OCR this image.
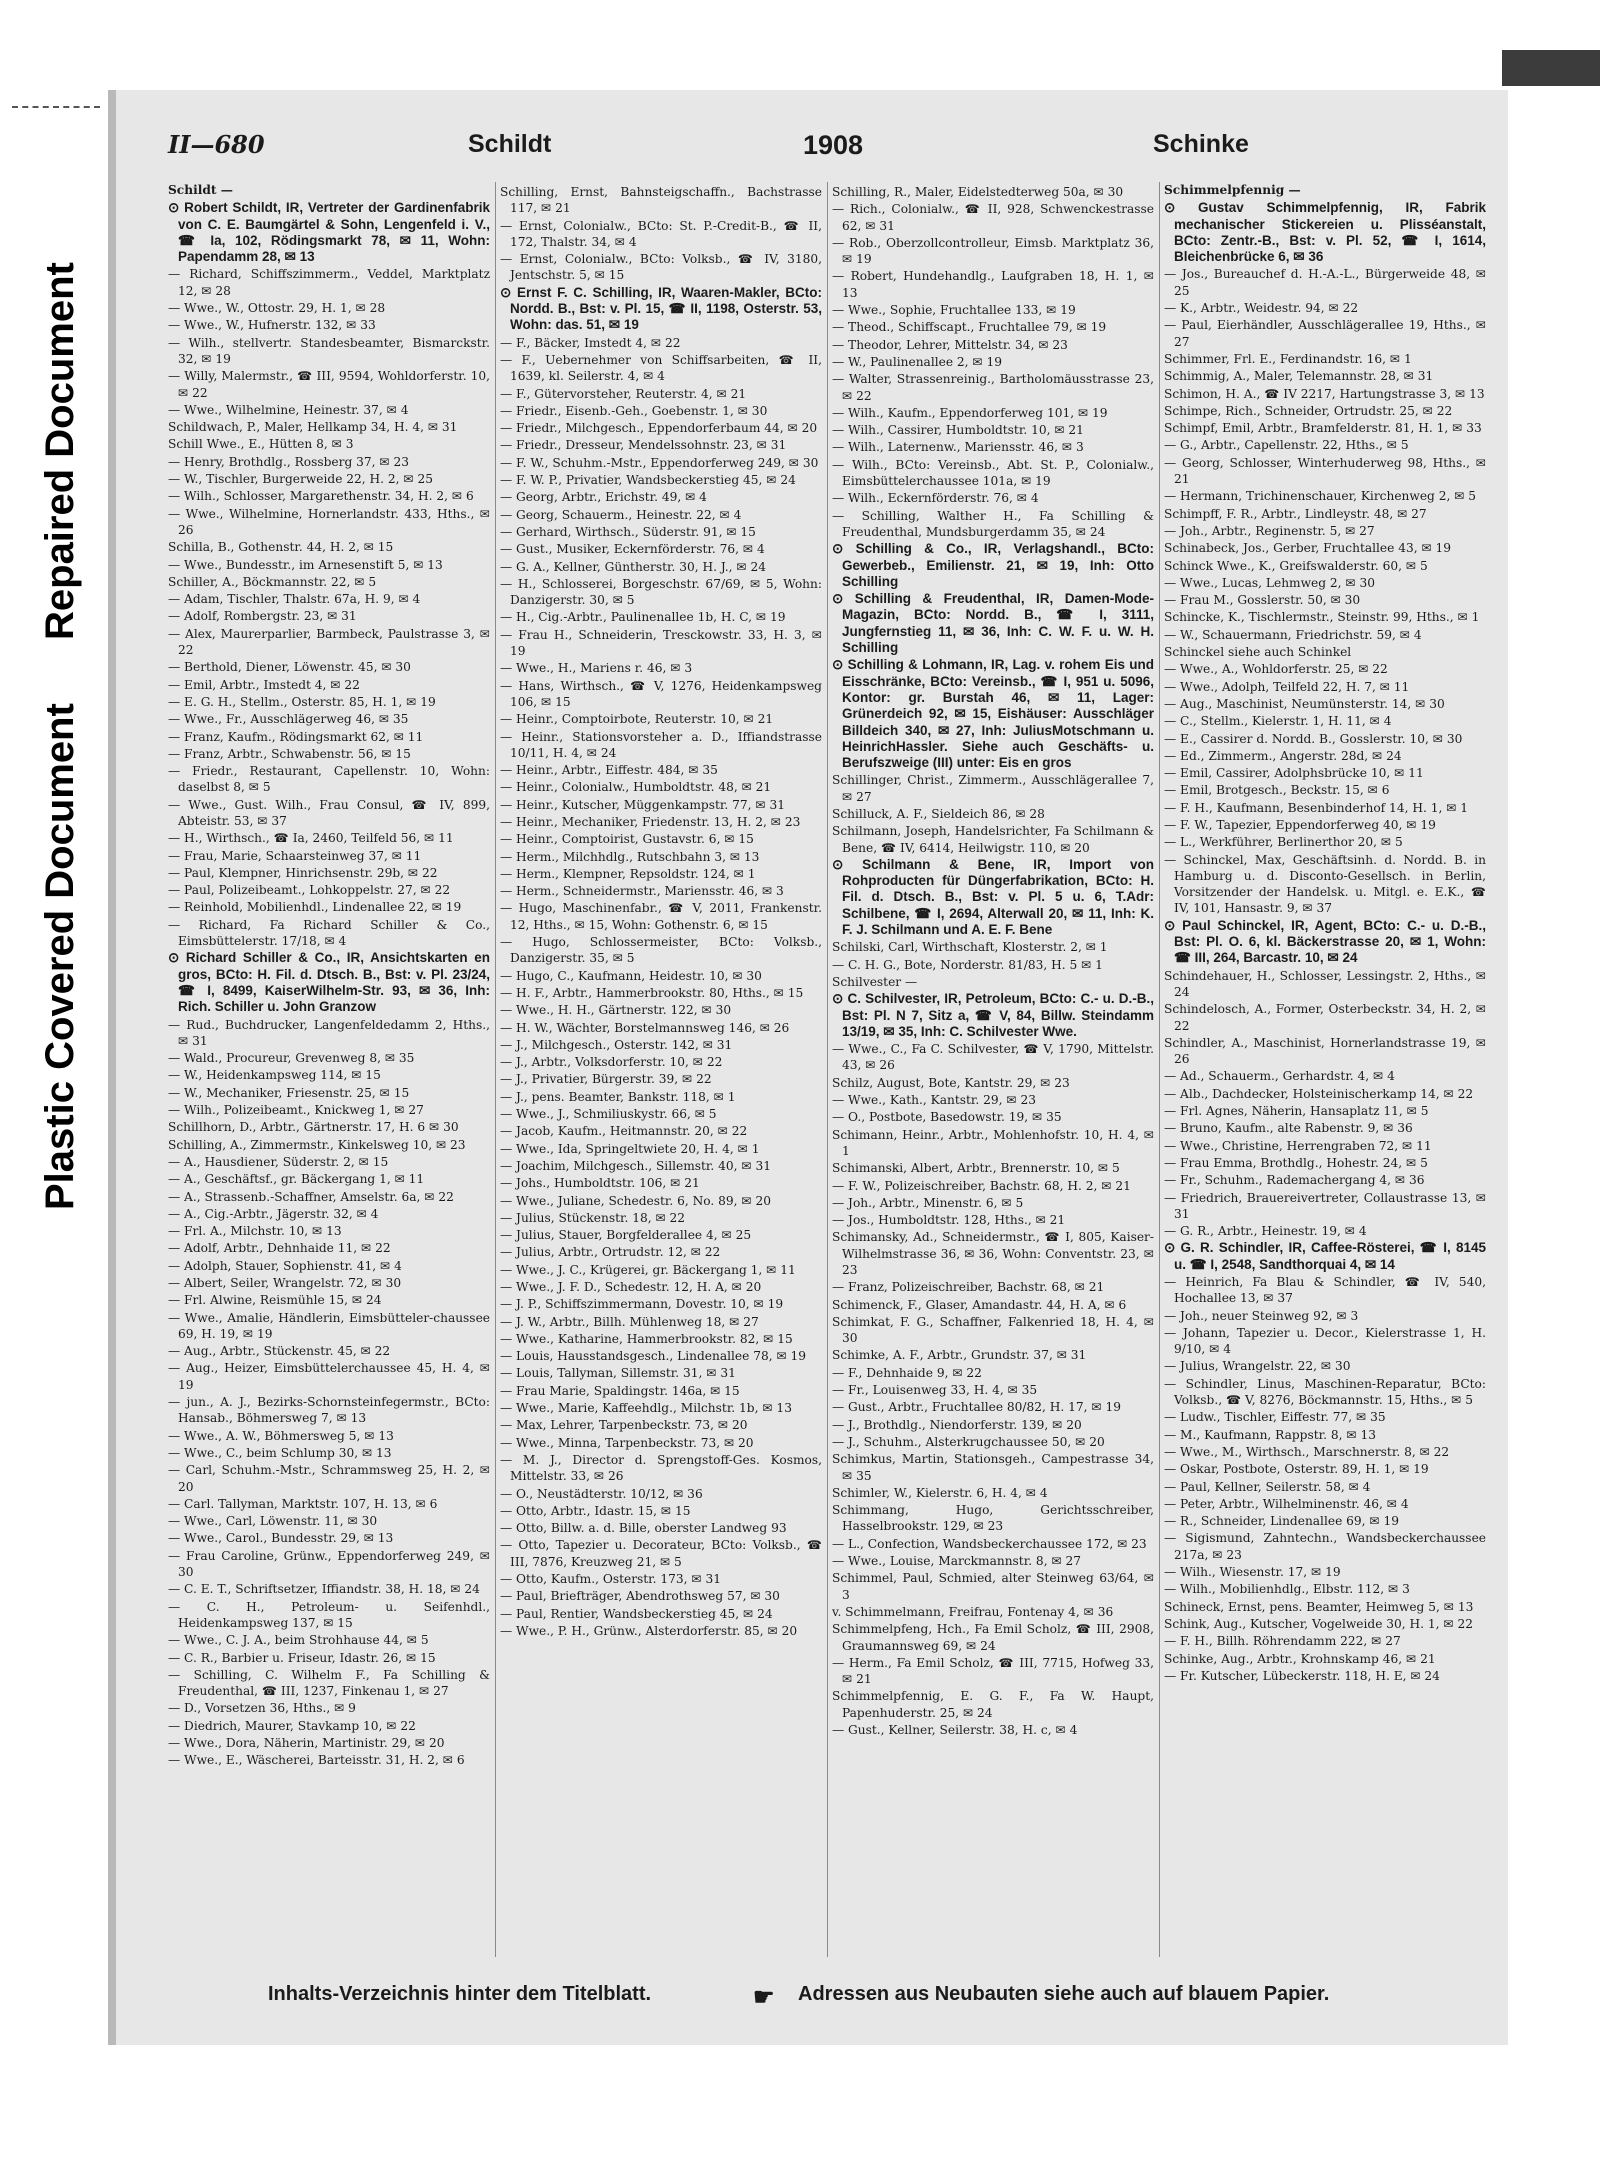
Repaired Document
Plastic Covered Document
II—680	Schildt	1908	Schinke
Schildt —

⊙ Robert Schildt, IR, Vertreter der Gardinenfabrik von C. E. Baumgärtel & Sohn, Lengenfeld i. V., ☎ Ia, 102, Rödingsmarkt 78, ✉ 11, Wohn: Papendamm 28, ✉ 13

— Richard, Schiffszimmerm., Veddel, Marktplatz 12, ✉ 28

— Wwe., W., Ottostr. 29, H. 1, ✉ 28

— Wwe., W., Hufnerstr. 132, ✉ 33

— Wilh., stellvertr. Standesbeamter, Bismarckstr. 32, ✉ 19

— Willy, Malermstr., ☎ III, 9594, Wohldorferstr. 10, ✉ 22

— Wwe., Wilhelmine, Heinestr. 37, ✉ 4

Schildwach, P., Maler, Hellkamp 34, H. 4, ✉ 31

Schill Wwe., E., Hütten 8, ✉ 3

— Henry, Brothdlg., Rossberg 37, ✉ 23

— W., Tischler, Burgerweide 22, H. 2, ✉ 25

— Wilh., Schlosser, Margarethenstr. 34, H. 2, ✉ 6

— Wwe., Wilhelmine, Hornerlandstr. 433, Hths., ✉ 26

Schilla, B., Gothenstr. 44, H. 2, ✉ 15

— Wwe., Bundesstr., im Arnesenstift 5, ✉ 13

Schiller, A., Böckmannstr. 22, ✉ 5

— Adam, Tischler, Thalstr. 67a, H. 9, ✉ 4

— Adolf, Rombergstr. 23, ✉ 31

— Alex, Maurerparlier, Barmbeck, Paulstrasse 3, ✉ 22

— Berthold, Diener, Löwenstr. 45, ✉ 30

— Emil, Arbtr., Imstedt 4, ✉ 22

— E. G. H., Stellm., Osterstr. 85, H. 1, ✉ 19

— Wwe., Fr., Ausschlägerweg 46, ✉ 35

— Franz, Kaufm., Rödingsmarkt 62, ✉ 11

— Franz, Arbtr., Schwabenstr. 56, ✉ 15

— Friedr., Restaurant, Capellenstr. 10, Wohn: daselbst 8, ✉ 5

— Wwe., Gust. Wilh., Frau Consul, ☎ IV, 899, Abteistr. 53, ✉ 37

— H., Wirthsch., ☎ Ia, 2460, Teilfeld 56, ✉ 11

— Frau, Marie, Schaarsteinweg 37, ✉ 11

— Paul, Klempner, Hinrichsenstr. 29b, ✉ 22

— Paul, Polizeibeamt., Lohkoppelstr. 27, ✉ 22

— Reinhold, Mobilienhdl., Lindenallee 22, ✉ 19

— Richard, Fa Richard Schiller & Co., Eimsbüttelerstr. 17/18, ✉ 4

⊙ Richard Schiller & Co., IR, Ansichtskarten en gros, BCto: H. Fil. d. Dtsch. B., Bst: v. Pl. 23/24, ☎ I, 8499, KaiserWilhelm-Str. 93, ✉ 36, Inh: Rich. Schiller u. John Granzow

— Rud., Buchdrucker, Langenfeldedamm 2, Hths., ✉ 31

— Wald., Procureur, Grevenweg 8, ✉ 35

— W., Heidenkampsweg 114, ✉ 15

— W., Mechaniker, Friesenstr. 25, ✉ 15

— Wilh., Polizeibeamt., Knickweg 1, ✉ 27

Schillhorn, D., Arbtr., Gärtnerstr. 17, H. 6 ✉ 30

Schilling, A., Zimmermstr., Kinkelsweg 10, ✉ 23

— A., Hausdiener, Süderstr. 2, ✉ 15

— A., Geschäftsf., gr. Bäckergang 1, ✉ 11

— A., Strassenb.-Schaffner, Amselstr. 6a, ✉ 22

— A., Cig.-Arbtr., Jägerstr. 32, ✉ 4

— Frl. A., Milchstr. 10, ✉ 13

— Adolf, Arbtr., Dehnhaide 11, ✉ 22

— Adolph, Stauer, Sophienstr. 41, ✉ 4

— Albert, Seiler, Wrangelstr. 72, ✉ 30

— Frl. Alwine, Reismühle 15, ✉ 24

— Wwe., Amalie, Händlerin, Eimsbütteler-chaussee 69, H. 19, ✉ 19

— Aug., Arbtr., Stückenstr. 45, ✉ 22

— Aug., Heizer, Eimsbüttelerchaussee 45, H. 4, ✉ 19

— jun., A. J., Bezirks-Schornsteinfegermstr., BCto: Hansab., Böhmersweg 7, ✉ 13

— Wwe., A. W., Böhmersweg 5, ✉ 13

— Wwe., C., beim Schlump 30, ✉ 13

— Carl, Schuhm.-Mstr., Schrammsweg 25, H. 2, ✉ 20

— Carl. Tallyman, Marktstr. 107, H. 13, ✉ 6

— Wwe., Carl, Löwenstr. 11, ✉ 30

— Wwe., Carol., Bundesstr. 29, ✉ 13

— Frau Caroline, Grünw., Eppendorferweg 249, ✉ 30

— C. E. T., Schriftsetzer, Iffiandstr. 38, H. 18, ✉ 24

— C. H., Petroleum- u. Seifenhdl., Heidenkampsweg 137, ✉ 15

— Wwe., C. J. A., beim Strohhause 44, ✉ 5

— C. R., Barbier u. Friseur, Idastr. 26, ✉ 15

— Schilling, C. Wilhelm F., Fa Schilling & Freudenthal, ☎ III, 1237, Finkenau 1, ✉ 27

— D., Vorsetzen 36, Hths., ✉ 9

— Diedrich, Maurer, Stavkamp 10, ✉ 22

— Wwe., Dora, Näherin, Martinistr. 29, ✉ 20

— Wwe., E., Wäscherei, Barteisstr. 31, H. 2, ✉ 6

Schilling, Ernst, Bahnsteigschaffn., Bachstrasse 117, ✉ 21

— Ernst, Colonialw., BCto: St. P.-Credit-B., ☎ II, 172, Thalstr. 34, ✉ 4

— Ernst, Colonialw., BCto: Volksb., ☎ IV, 3180, Jentschstr. 5, ✉ 15

⊙ Ernst F. C. Schilling, IR, Waaren-Makler, BCto: Nordd. B., Bst: v. Pl. 15, ☎ II, 1198, Osterstr. 53, Wohn: das. 51, ✉ 19

— F., Bäcker, Imstedt 4, ✉ 22

— F., Uebernehmer von Schiffsarbeiten, ☎ II, 1639, kl. Seilerstr. 4, ✉ 4

— F., Gütervorsteher, Reuterstr. 4, ✉ 21

— Friedr., Eisenb.-Geh., Goebenstr. 1, ✉ 30

— Friedr., Milchgesch., Eppendorferbaum 44, ✉ 20

— Friedr., Dresseur, Mendelssohnstr. 23, ✉ 31

— F. W., Schuhm.-Mstr., Eppendorferweg 249, ✉ 30

— F. W. P., Privatier, Wandsbeckerstieg 45, ✉ 24

— Georg, Arbtr., Erichstr. 49, ✉ 4

— Georg, Schauerm., Heinestr. 22, ✉ 4

— Gerhard, Wirthsch., Süderstr. 91, ✉ 15

— Gust., Musiker, Eckernförderstr. 76, ✉ 4

— G. A., Kellner, Güntherstr. 30, H. J., ✉ 24

— H., Schlosserei, Borgeschstr. 67/69, ✉ 5, Wohn: Danzigerstr. 30, ✉ 5

— H., Cig.-Arbtr., Paulinenallee 1b, H. C, ✉ 19

— Frau H., Schneiderin, Tresckowstr. 33, H. 3, ✉ 19

— Wwe., H., Mariens r. 46, ✉ 3

— Hans, Wirthsch., ☎ V, 1276, Heidenkampsweg 106, ✉ 15

— Heinr., Comptoirbote, Reuterstr. 10, ✉ 21

— Heinr., Stationsvorsteher a. D., Iffiandstrasse 10/11, H. 4, ✉ 24

— Heinr., Arbtr., Eiffestr. 484, ✉ 35

— Heinr., Colonialw., Humboldtstr. 48, ✉ 21

— Heinr., Kutscher, Müggenkampstr. 77, ✉ 31

— Heinr., Mechaniker, Friedenstr. 13, H. 2, ✉ 23

— Heinr., Comptoirist, Gustavstr. 6, ✉ 15

— Herm., Milchhdlg., Rutschbahn 3, ✉ 13

— Herm., Klempner, Repsoldstr. 124, ✉ 1

— Herm., Schneidermstr., Mariensstr. 46, ✉ 3

— Hugo, Maschinenfabr., ☎ V, 2011, Frankenstr. 12, Hths., ✉ 15, Wohn: Gothenstr. 6, ✉ 15

— Hugo, Schlossermeister, BCto: Volksb., Danzigerstr. 35, ✉ 5

— Hugo, C., Kaufmann, Heidestr. 10, ✉ 30

— H. F., Arbtr., Hammerbrookstr. 80, Hths., ✉ 15

— Wwe., H. H., Gärtnerstr. 122, ✉ 30

— H. W., Wächter, Borstelmannsweg 146, ✉ 26

— J., Milchgesch., Osterstr. 142, ✉ 31

— J., Arbtr., Volksdorferstr. 10, ✉ 22

— J., Privatier, Bürgerstr. 39, ✉ 22

— J., pens. Beamter, Bankstr. 118, ✉ 1

— Wwe., J., Schmiliuskystr. 66, ✉ 5

— Jacob, Kaufm., Heitmannstr. 20, ✉ 22

— Wwe., Ida, Springeltwiete 20, H. 4, ✉ 1

— Joachim, Milchgesch., Sillemstr. 40, ✉ 31

— Johs., Humboldtstr. 106, ✉ 21

— Wwe., Juliane, Schedestr. 6, No. 89, ✉ 20

— Julius, Stückenstr. 18, ✉ 22

— Julius, Stauer, Borgfelderallee 4, ✉ 25

— Julius, Arbtr., Ortrudstr. 12, ✉ 22

— Wwe., J. C., Krügerei, gr. Bäckergang 1, ✉ 11

— Wwe., J. F. D., Schedestr. 12, H. A, ✉ 20

— J. P., Schiffszimmermann, Dovestr. 10, ✉ 19

— J. W., Arbtr., Billh. Mühlenweg 18, ✉ 27

— Wwe., Katharine, Hammerbrookstr. 82, ✉ 15

— Louis, Hausstandsgesch., Lindenallee 78, ✉ 19

— Louis, Tallyman, Sillemstr. 31, ✉ 31

— Frau Marie, Spaldingstr. 146a, ✉ 15

— Wwe., Marie, Kaffeehdlg., Milchstr. 1b, ✉ 13

— Max, Lehrer, Tarpenbeckstr. 73, ✉ 20

— Wwe., Minna, Tarpenbeckstr. 73, ✉ 20

— M. J., Director d. Sprengstoff-Ges. Kosmos, Mittelstr. 33, ✉ 26

— O., Neustädterstr. 10/12, ✉ 36

— Otto, Arbtr., Idastr. 15, ✉ 15

— Otto, Billw. a. d. Bille, oberster Landweg 93

— Otto, Tapezier u. Decorateur, BCto: Volksb., ☎ III, 7876, Kreuzweg 21, ✉ 5

— Otto, Kaufm., Osterstr. 173, ✉ 31

— Paul, Briefträger, Abendrothsweg 57, ✉ 30

— Paul, Rentier, Wandsbeckerstieg 45, ✉ 24

— Wwe., P. H., Grünw., Alsterdorferstr. 85, ✉ 20

Schilling, R., Maler, Eidelstedterweg 50a, ✉ 30

— Rich., Colonialw., ☎ II, 928, Schwenckestrasse 62, ✉ 31

— Rob., Oberzollcontrolleur, Eimsb. Marktplatz 36, ✉ 19

— Robert, Hundehandlg., Laufgraben 18, H. 1, ✉ 13

— Wwe., Sophie, Fruchtallee 133, ✉ 19

— Theod., Schiffscapt., Fruchtallee 79, ✉ 19

— Theodor, Lehrer, Mittelstr. 34, ✉ 23

— W., Paulinenallee 2, ✉ 19

— Walter, Strassenreinig., Bartholomäusstrasse 23, ✉ 22

— Wilh., Kaufm., Eppendorferweg 101, ✉ 19

— Wilh., Cassirer, Humboldtstr. 10, ✉ 21

— Wilh., Laternenw., Mariensstr. 46, ✉ 3

— Wilh., BCto: Vereinsb., Abt. St. P., Colonialw., Eimsbüttelerchaussee 101a, ✉ 19

— Wilh., Eckernförderstr. 76, ✉ 4

— Schilling, Walther H., Fa Schilling & Freudenthal, Mundsburgerdamm 35, ✉ 24

⊙ Schilling & Co., IR, Verlagshandl., BCto: Gewerbeb., Emilienstr. 21, ✉ 19, Inh: Otto Schilling

⊙ Schilling & Freudenthal, IR, Damen-Mode-Magazin, BCto: Nordd. B., ☎ I, 3111, Jungfernstieg 11, ✉ 36, Inh: C. W. F. u. W. H. Schilling

⊙ Schilling & Lohmann, IR, Lag. v. rohem Eis und Eisschränke, BCto: Vereinsb., ☎ I, 951 u. 5096, Kontor: gr. Burstah 46, ✉ 11, Lager: Grünerdeich 92, ✉ 15, Eishäuser: Ausschläger Billdeich 340, ✉ 27, Inh: JuliusMotschmann u. HeinrichHassler. Siehe auch Geschäfts- u. Berufszweige (III) unter: Eis en gros

Schillinger, Christ., Zimmerm., Ausschlägerallee 7, ✉ 27

Schilluck, A. F., Sieldeich 86, ✉ 28

Schilmann, Joseph, Handelsrichter, Fa Schilmann & Bene, ☎ IV, 6414, Heilwigstr. 110, ✉ 20

⊙ Schilmann & Bene, IR, Import von Rohproducten für Düngerfabrikation, BCto: H. Fil. d. Dtsch. B., Bst: v. Pl. 5 u. 6, T.Adr: Schilbene, ☎ I, 2694, Alterwall 20, ✉ 11, Inh: K. F. J. Schilmann und A. E. F. Bene

Schilski, Carl, Wirthschaft, Klosterstr. 2, ✉ 1

— C. H. G., Bote, Norderstr. 81/83, H. 5 ✉ 1

Schilvester —

⊙ C. Schilvester, IR, Petroleum, BCto: C.- u. D.-B., Bst: Pl. N 7, Sitz a, ☎ V, 84, Billw. Steindamm 13/19, ✉ 35, Inh: C. Schilvester Wwe.

— Wwe., C., Fa C. Schilvester, ☎ V, 1790, Mittelstr. 43, ✉ 26

Schilz, August, Bote, Kantstr. 29, ✉ 23

— Wwe., Kath., Kantstr. 29, ✉ 23

— O., Postbote, Basedowstr. 19, ✉ 35

Schimann, Heinr., Arbtr., Mohlenhofstr. 10, H. 4, ✉ 1

Schimanski, Albert, Arbtr., Brennerstr. 10, ✉ 5

— F. W., Polizeischreiber, Bachstr. 68, H. 2, ✉ 21

— Joh., Arbtr., Minenstr. 6, ✉ 5

— Jos., Humboldtstr. 128, Hths., ✉ 21

Schimansky, Ad., Schneidermstr., ☎ I, 805, Kaiser-Wilhelmstrasse 36, ✉ 36, Wohn: Conventstr. 23, ✉ 23

— Franz, Polizeischreiber, Bachstr. 68, ✉ 21

Schimenck, F., Glaser, Amandastr. 44, H. A, ✉ 6

Schimkat, F. G., Schaffner, Falkenried 18, H. 4, ✉ 30

Schimke, A. F., Arbtr., Grundstr. 37, ✉ 31

— F., Dehnhaide 9, ✉ 22

— Fr., Louisenweg 33, H. 4, ✉ 35

— Gust., Arbtr., Fruchtallee 80/82, H. 17, ✉ 19

— J., Brothdlg., Niendorferstr. 139, ✉ 20

— J., Schuhm., Alsterkrugchaussee 50, ✉ 20

Schimkus, Martin, Stationsgeh., Campestrasse 34, ✉ 35

Schimler, W., Kielerstr. 6, H. 4, ✉ 4

Schimmang, Hugo, Gerichtsschreiber, Hasselbrookstr. 129, ✉ 23

— L., Confection, Wandsbeckerchaussee 172, ✉ 23

— Wwe., Louise, Marckmannstr. 8, ✉ 27

Schimmel, Paul, Schmied, alter Steinweg 63/64, ✉ 3

v. Schimmelmann, Freifrau, Fontenay 4, ✉ 36

Schimmelpfeng, Hch., Fa Emil Scholz, ☎ III, 2908, Graumannsweg 69, ✉ 24

— Herm., Fa Emil Scholz, ☎ III, 7715, Hofweg 33, ✉ 21

Schimmelpfennig, E. G. F., Fa W. Haupt, Papenhuderstr. 25, ✉ 24

— Gust., Kellner, Seilerstr. 38, H. c, ✉ 4

Schimmelpfennig —

⊙ Gustav Schimmelpfennig, IR, Fabrik mechanischer Stickereien u. Plisséanstalt, BCto: Zentr.-B., Bst: v. Pl. 52, ☎ I, 1614, Bleichenbrücke 6, ✉ 36

— Jos., Bureauchef d. H.-A.-L., Bürgerweide 48, ✉ 25

— K., Arbtr., Weidestr. 94, ✉ 22

— Paul, Eierhändler, Ausschlägerallee 19, Hths., ✉ 27

Schimmer, Frl. E., Ferdinandstr. 16, ✉ 1

Schimmig, A., Maler, Telemannstr. 28, ✉ 31

Schimon, H. A., ☎ IV 2217, Hartungstrasse 3, ✉ 13

Schimpe, Rich., Schneider, Ortrudstr. 25, ✉ 22

Schimpf, Emil, Arbtr., Bramfelderstr. 81, H. 1, ✉ 33

— G., Arbtr., Capellenstr. 22, Hths., ✉ 5

— Georg, Schlosser, Winterhuderweg 98, Hths., ✉ 21

— Hermann, Trichinenschauer, Kirchenweg 2, ✉ 5

Schimpff, F. R., Arbtr., Lindleystr. 48, ✉ 27

— Joh., Arbtr., Reginenstr. 5, ✉ 27

Schinabeck, Jos., Gerber, Fruchtallee 43, ✉ 19

Schinck Wwe., K., Greifswalderstr. 60, ✉ 5

— Wwe., Lucas, Lehmweg 2, ✉ 30

— Frau M., Gosslerstr. 50, ✉ 30

Schincke, K., Tischlermstr., Steinstr. 99, Hths., ✉ 1

— W., Schauermann, Friedrichstr. 59, ✉ 4

Schinckel siehe auch Schinkel

— Wwe., A., Wohldorferstr. 25, ✉ 22

— Wwe., Adolph, Teilfeld 22, H. 7, ✉ 11

— Aug., Maschinist, Neumünsterstr. 14, ✉ 30

— C., Stellm., Kielerstr. 1, H. 11, ✉ 4

— E., Cassirer d. Nordd. B., Gosslerstr. 10, ✉ 30

— Ed., Zimmerm., Angerstr. 28d, ✉ 24

— Emil, Cassirer, Adolphsbrücke 10, ✉ 11

— Emil, Brotgesch., Beckstr. 15, ✉ 6

— F. H., Kaufmann, Besenbinderhof 14, H. 1, ✉ 1

— F. W., Tapezier, Eppendorferweg 40, ✉ 19

— L., Werkführer, Berlinerthor 20, ✉ 5

— Schinckel, Max, Geschäftsinh. d. Nordd. B. in Hamburg u. d. Disconto-Gesellsch. in Berlin, Vorsitzender der Handelsk. u. Mitgl. e. E.K., ☎ IV, 101, Hansastr. 9, ✉ 37

⊙ Paul Schinckel, IR, Agent, BCto: C.- u. D.-B., Bst: Pl. O. 6, kl. Bäckerstrasse 20, ✉ 1, Wohn: ☎ III, 264, Barcastr. 10, ✉ 24

Schindehauer, H., Schlosser, Lessingstr. 2, Hths., ✉ 24

Schindelosch, A., Former, Osterbeckstr. 34, H. 2, ✉ 22

Schindler, A., Maschinist, Hornerlandstrasse 19, ✉ 26

— Ad., Schauerm., Gerhardstr. 4, ✉ 4

— Alb., Dachdecker, Holsteinischerkamp 14, ✉ 22

— Frl. Agnes, Näherin, Hansaplatz 11, ✉ 5

— Bruno, Kaufm., alte Rabenstr. 9, ✉ 36

— Wwe., Christine, Herrengraben 72, ✉ 11

— Frau Emma, Brothdlg., Hohestr. 24, ✉ 5

— Fr., Schuhm., Rademachergang 4, ✉ 36

— Friedrich, Brauereivertreter, Collaustrasse 13, ✉ 31

— G. R., Arbtr., Heinestr. 19, ✉ 4

⊙ G. R. Schindler, IR, Caffee-Rösterei, ☎ I, 8145 u. ☎ I, 2548, Sandthorquai 4, ✉ 14

— Heinrich, Fa Blau & Schindler, ☎ IV, 540, Hochallee 13, ✉ 37

— Joh., neuer Steinweg 92, ✉ 3

— Johann, Tapezier u. Decor., Kielerstrasse 1, H. 9/10, ✉ 4

— Julius, Wrangelstr. 22, ✉ 30

— Schindler, Linus, Maschinen-Reparatur, BCto: Volksb., ☎ V, 8276, Böckmannstr. 15, Hths., ✉ 5

— Ludw., Tischler, Eiffestr. 77, ✉ 35

— M., Kaufmann, Rappstr. 8, ✉ 13

— Wwe., M., Wirthsch., Marschnerstr. 8, ✉ 22

— Oskar, Postbote, Osterstr. 89, H. 1, ✉ 19

— Paul, Kellner, Seilerstr. 58, ✉ 4

— Peter, Arbtr., Wilhelminenstr. 46, ✉ 4

— R., Schneider, Lindenallee 69, ✉ 19

— Sigismund, Zahntechn., Wandsbeckerchaussee 217a, ✉ 23

— Wilh., Wiesenstr. 17, ✉ 19

— Wilh., Mobilienhdlg., Elbstr. 112, ✉ 3

Schineck, Ernst, pens. Beamter, Heimweg 5, ✉ 13

Schink, Aug., Kutscher, Vogelweide 30, H. 1, ✉ 22

— F. H., Billh. Röhrendamm 222, ✉ 27

Schinke, Aug., Arbtr., Krohnskamp 46, ✉ 21

— Fr. Kutscher, Lübeckerstr. 118, H. E, ✉ 24

Inhalts-Verzeichnis hinter dem Titelblatt.	☛ Adressen aus Neubauten siehe auch auf blauem Papier.
